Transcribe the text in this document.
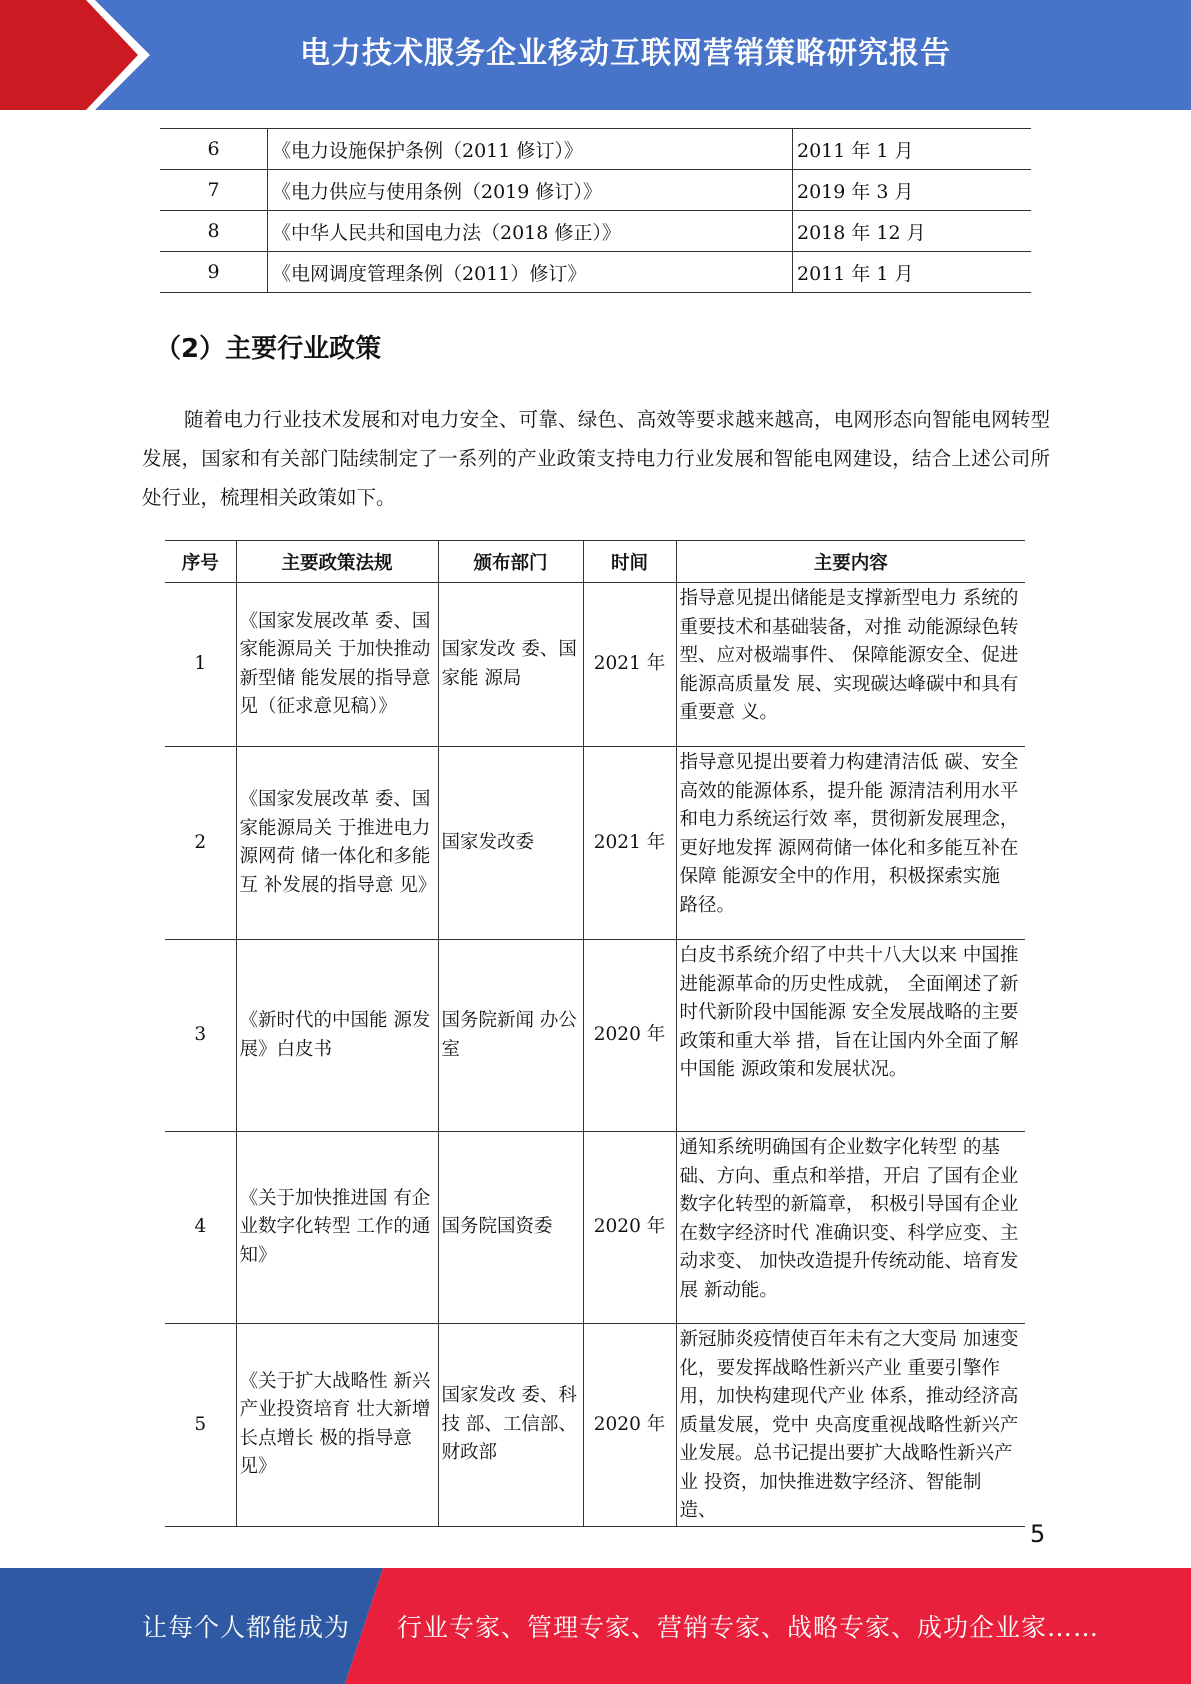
电力技术服务企业移动互联网营销策略研究报告
6	《电力设施保护条例（2011 修订）》	2011 年 1 月
7	《电力供应与使用条例（2019 修订）》	2019 年 3 月
8	《中华人民共和国电力法（2018 修正）》	2018 年 12 月
9	《电网调度管理条例（2011）修订》	2011 年 1 月
（2）主要行业政策

随着电力行业技术发展和对电力安全、可靠、绿色、高效等要求越来越高，电网形态向智能电网转型发展，国家和有关部门陆续制定了一系列的产业政策支持电力行业发展和智能电网建设，结合上述公司所处行业，梳理相关政策如下。

序号	主要政策法规	颁布部门	时间	主要内容
1	《国家发展改革 委、国家能源局关 于加快推动新型储 能发展的指导意见（征求意见稿）》	国家发改 委、国家能 源局	2021 年	指导意见提出储能是支撑新型电力 系统的重要技术和基础装备，对推 动能源绿色转型、应对极端事件、 保障能源安全、促进能源高质量发 展、实现碳达峰碳中和具有重要意 义。
2	《国家发展改革 委、国家能源局关 于推进电力源网荷 储一体化和多能互 补发展的指导意 见》	国家发改委	2021 年	指导意见提出要着力构建清洁低 碳、安全高效的能源体系，提升能 源清洁利用水平和电力系统运行效 率，贯彻新发展理念，更好地发挥 源网荷储一体化和多能互补在保障 能源安全中的作用，积极探索实施 路径。
3	《新时代的中国能 源发展》白皮书	国务院新闻 办公室	2020 年	白皮书系统介绍了中共十八大以来 中国推进能源革命的历史性成就， 全面阐述了新时代新阶段中国能源 安全发展战略的主要政策和重大举 措，旨在让国内外全面了解中国能 源政策和发展状况。
4	《关于加快推进国 有企业数字化转型 工作的通知》	国务院国资委	2020 年	通知系统明确国有企业数字化转型 的基础、方向、重点和举措，开启 了国有企业数字化转型的新篇章， 积极引导国有企业在数字经济时代 准确识变、科学应变、主动求变、 加快改造提升传统动能、培育发展 新动能。
5	《关于扩大战略性 新兴产业投资培育 壮大新增长点增长 极的指导意见》	国家发改 委、科技 部、工信部、财政部	2020 年	新冠肺炎疫情使百年未有之大变局 加速变化，要发挥战略性新兴产业 重要引擎作用，加快构建现代产业 体系，推动经济高质量发展，党中 央高度重视战略性新兴产业发展。总书记提出要扩大战略性新兴产业 投资，加快推进数字经济、智能制 造、
5
让每个人都能成为 行业专家、管理专家、营销专家、战略专家、成功企业家……
